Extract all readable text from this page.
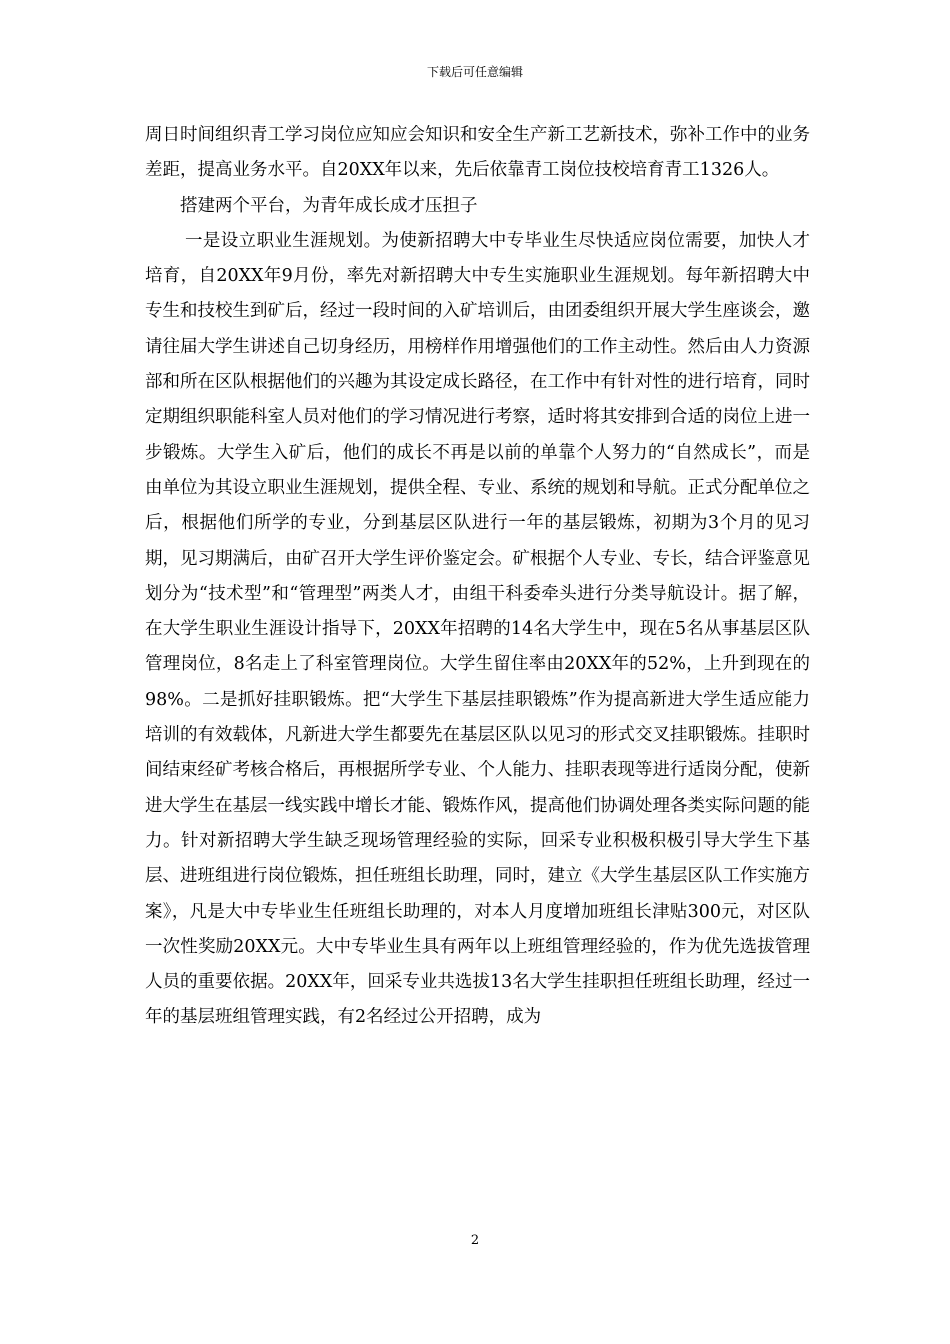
下载后可任意编辑

周日时间组织青工学习岗位应知应会知识和安全生产新工艺新技术，弥补工作中的业务差距，提高业务水平。自20XX年以来，先后依靠青工岗位技校培育青工1326人。

搭建两个平台，为青年成长成才压担子

一是设立职业生涯规划。为使新招聘大中专毕业生尽快适应岗位需要，加快人才培育，自20XX年9月份，率先对新招聘大中专生实施职业生涯规划。每年新招聘大中专生和技校生到矿后，经过一段时间的入矿培训后，由团委组织开展大学生座谈会，邀请往届大学生讲述自己切身经历，用榜样作用增强他们的工作主动性。然后由人力资源部和所在区队根据他们的兴趣为其设定成长路径，在工作中有针对性的进行培育，同时定期组织职能科室人员对他们的学习情况进行考察，适时将其安排到合适的岗位上进一步锻炼。大学生入矿后，他们的成长不再是以前的单靠个人努力的“自然成长”，而是由单位为其设立职业生涯规划，提供全程、专业、系统的规划和导航。正式分配单位之后，根据他们所学的专业，分到基层区队进行一年的基层锻炼，初期为3个月的见习期，见习期满后，由矿召开大学生评价鉴定会。矿根据个人专业、专长，结合评鉴意见划分为“技术型”和“管理型”两类人才，由组干科委牵头进行分类导航设计。据了解，在大学生职业生涯设计指导下，20XX年招聘的14名大学生中，现在5名从事基层区队管理岗位，8名走上了科室管理岗位。大学生留住率由20XX年的52%，上升到现在的98%。二是抓好挂职锻炼。把“大学生下基层挂职锻炼”作为提高新进大学生适应能力培训的有效载体，凡新进大学生都要先在基层区队以见习的形式交叉挂职锻炼。挂职时间结束经矿考核合格后，再根据所学专业、个人能力、挂职表现等进行适岗分配，使新进大学生在基层一线实践中增长才能、锻炼作风，提高他们协调处理各类实际问题的能力。针对新招聘大学生缺乏现场管理经验的实际，回采专业积极积极引导大学生下基层、进班组进行岗位锻炼，担任班组长助理，同时，建立《大学生基层区队工作实施方案》，凡是大中专毕业生任班组长助理的，对本人月度增加班组长津贴300元，对区队一次性奖励20XX元。大中专毕业生具有两年以上班组管理经验的，作为优先选拔管理人员的重要依据。20XX年，回采专业共选拔13名大学生挂职担任班组长助理，经过一年的基层班组管理实践，有2名经过公开招聘，成为

2
